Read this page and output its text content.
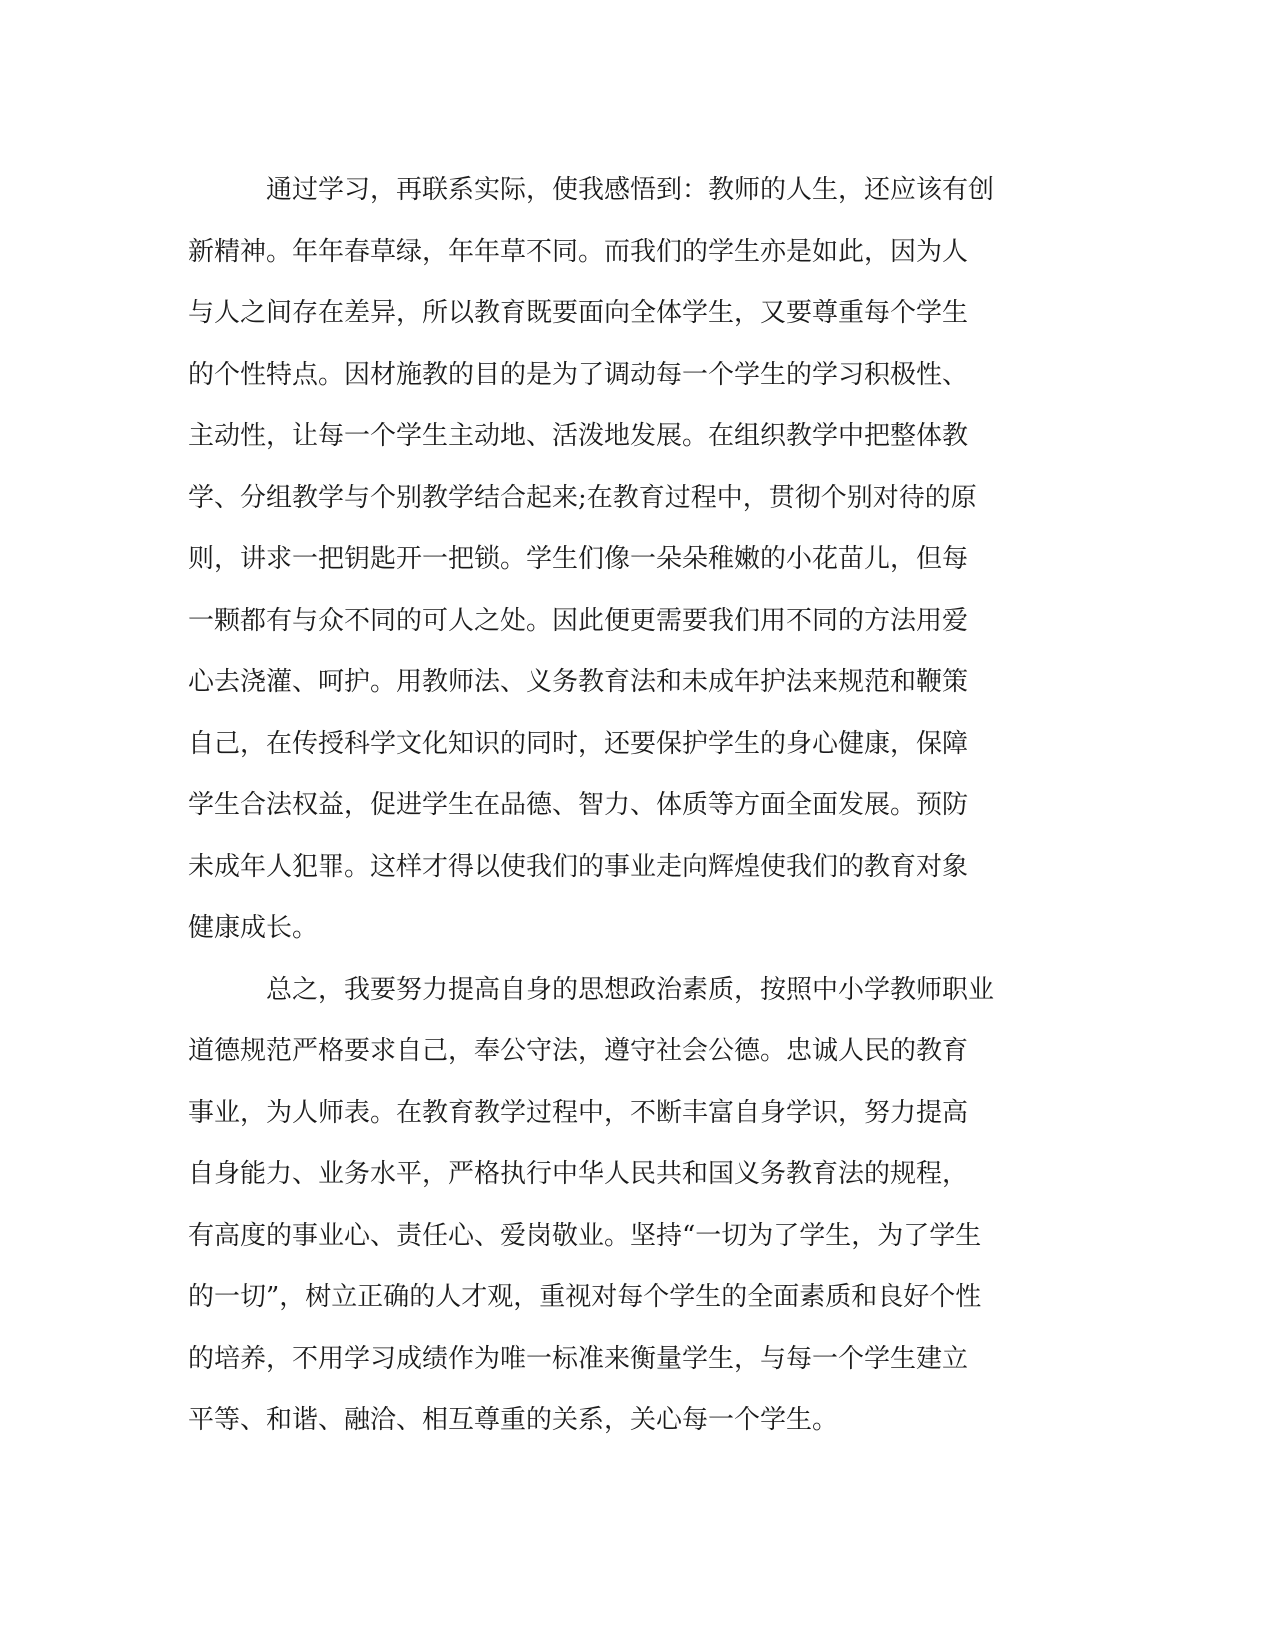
通过学习，再联系实际，使我感悟到：教师的人生，还应该有创
新精神。年年春草绿，年年草不同。而我们的学生亦是如此，因为人
与人之间存在差异，所以教育既要面向全体学生，又要尊重每个学生
的个性特点。因材施教的目的是为了调动每一个学生的学习积极性、
主动性，让每一个学生主动地、活泼地发展。在组织教学中把整体教
学、分组教学与个别教学结合起来;在教育过程中，贯彻个别对待的原
则，讲求一把钥匙开一把锁。学生们像一朵朵稚嫩的小花苗儿，但每
一颗都有与众不同的可人之处。因此便更需要我们用不同的方法用爱
心去浇灌、呵护。用教师法、义务教育法和未成年护法来规范和鞭策
自己，在传授科学文化知识的同时，还要保护学生的身心健康，保障
学生合法权益，促进学生在品德、智力、体质等方面全面发展。预防
未成年人犯罪。这样才得以使我们的事业走向辉煌使我们的教育对象
健康成长。
总之，我要努力提高自身的思想政治素质，按照中小学教师职业
道德规范严格要求自己，奉公守法，遵守社会公德。忠诚人民的教育
事业，为人师表。在教育教学过程中，不断丰富自身学识，努力提高
自身能力、业务水平，严格执行中华人民共和国义务教育法的规程，
有高度的事业心、责任心、爱岗敬业。坚持“一切为了学生，为了学生
的一切”，树立正确的人才观，重视对每个学生的全面素质和良好个性
的培养，不用学习成绩作为唯一标准来衡量学生，与每一个学生建立
平等、和谐、融洽、相互尊重的关系，关心每一个学生。
